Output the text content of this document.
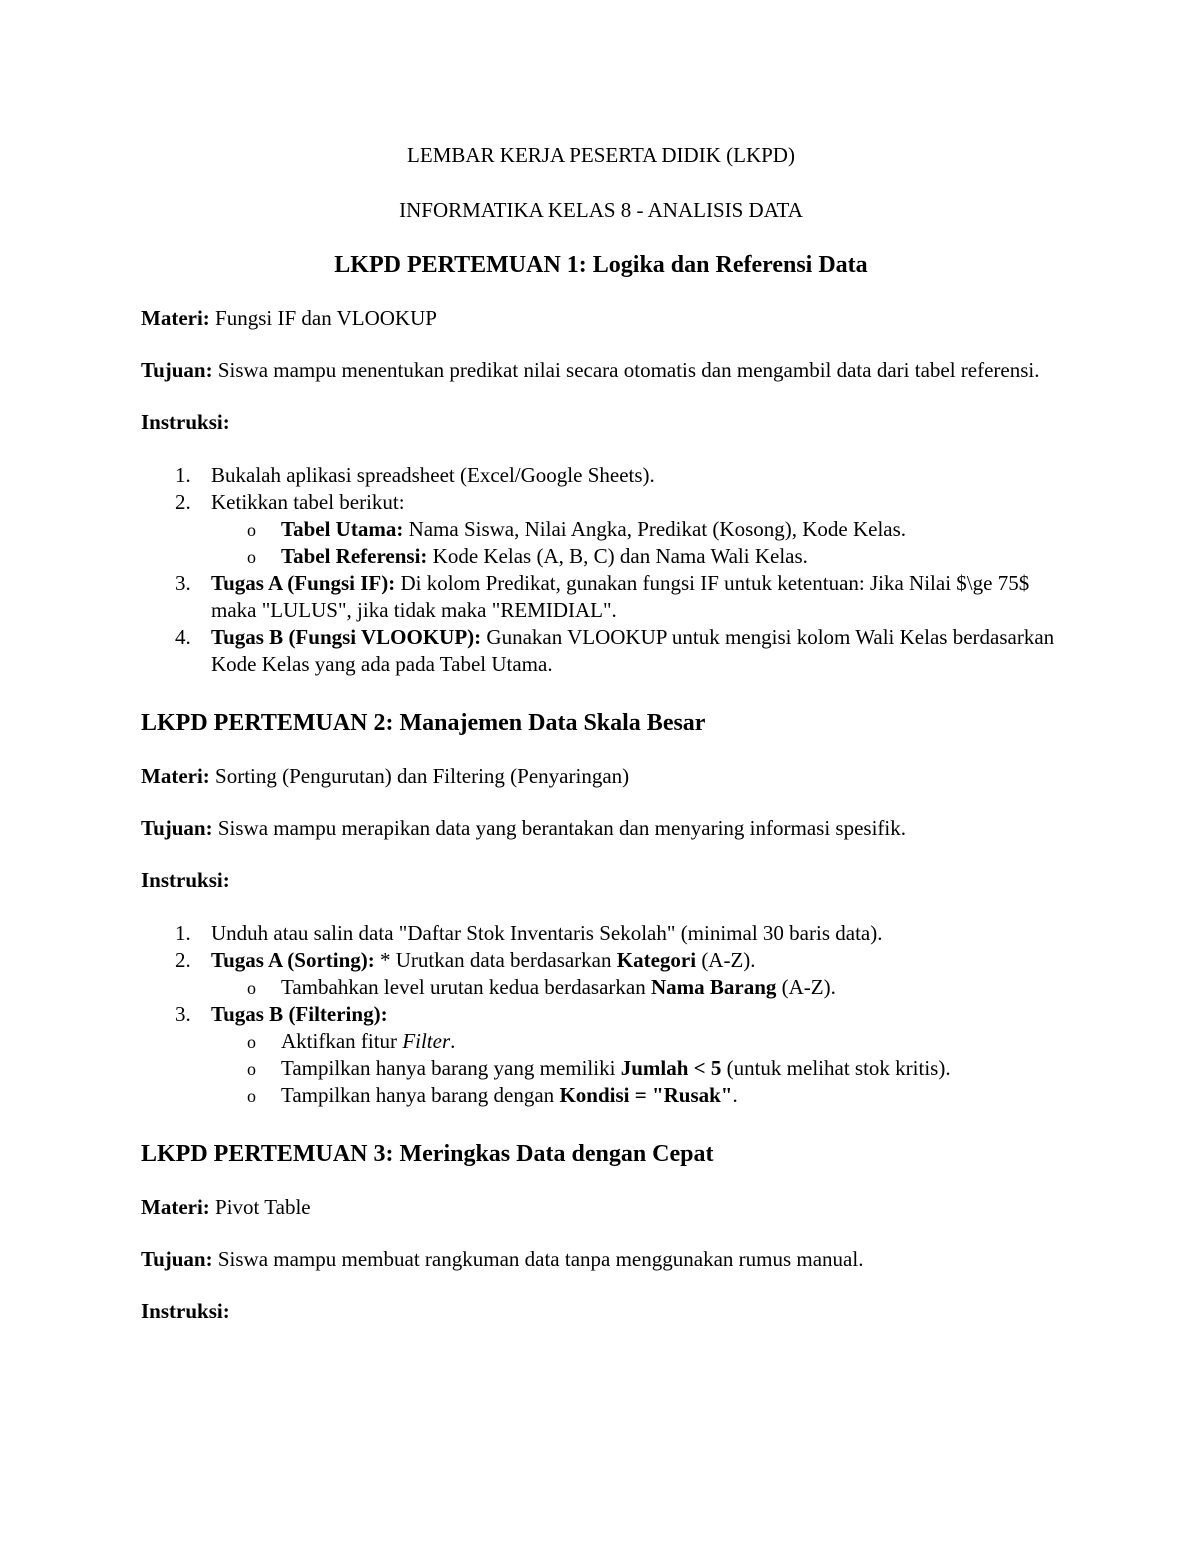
LEMBAR KERJA PESERTA DIDIK (LKPD)

INFORMATIKA KELAS 8 - ANALISIS DATA

LKPD PERTEMUAN 1: Logika dan Referensi Data

Materi: Fungsi IF dan VLOOKUP

Tujuan: Siswa mampu menentukan predikat nilai secara otomatis dan mengambil data dari tabel referensi.

Instruksi:

1. Bukalah aplikasi spreadsheet (Excel/Google Sheets).
2. Ketikkan tabel berikut:
o Tabel Utama: Nama Siswa, Nilai Angka, Predikat (Kosong), Kode Kelas.
o Tabel Referensi: Kode Kelas (A, B, C) dan Nama Wali Kelas.
3. Tugas A (Fungsi IF): Di kolom Predikat, gunakan fungsi IF untuk ketentuan: Jika Nilai $\ge 75$ maka "LULUS", jika tidak maka "REMIDIAL".
4. Tugas B (Fungsi VLOOKUP): Gunakan VLOOKUP untuk mengisi kolom Wali Kelas berdasarkan Kode Kelas yang ada pada Tabel Utama.

LKPD PERTEMUAN 2: Manajemen Data Skala Besar

Materi: Sorting (Pengurutan) dan Filtering (Penyaringan)

Tujuan: Siswa mampu merapikan data yang berantakan dan menyaring informasi spesifik.

Instruksi:

1. Unduh atau salin data "Daftar Stok Inventaris Sekolah" (minimal 30 baris data).
2. Tugas A (Sorting): * Urutkan data berdasarkan Kategori (A-Z).
o Tambahkan level urutan kedua berdasarkan Nama Barang (A-Z).
3. Tugas B (Filtering):
o Aktifkan fitur Filter.
o Tampilkan hanya barang yang memiliki Jumlah < 5 (untuk melihat stok kritis).
o Tampilkan hanya barang dengan Kondisi = "Rusak".

LKPD PERTEMUAN 3: Meringkas Data dengan Cepat

Materi: Pivot Table

Tujuan: Siswa mampu membuat rangkuman data tanpa menggunakan rumus manual.

Instruksi:
